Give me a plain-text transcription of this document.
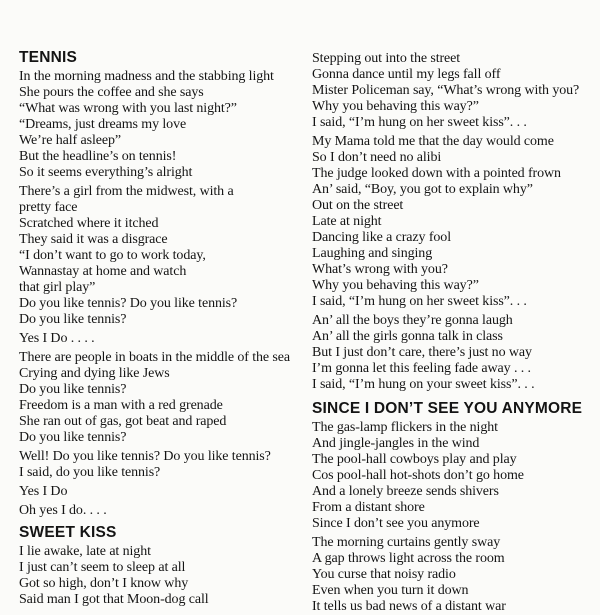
TENNIS
In the morning madness and the stabbing light
She pours the coffee and she says
“What was wrong with you last night?”
“Dreams, just dreams my love
We’re half asleep”
But the headline’s on tennis!
So it seems everything’s alright
There’s a girl from the midwest, with a
pretty face
Scratched where it itched
They said it was a disgrace
“I don’t want to go to work today,
Wannastay at home and watch
that girl play”
Do you like tennis? Do you like tennis?
Do you like tennis?
Yes I Do . . . .
There are people in boats in the middle of the sea
Crying and dying like Jews
Do you like tennis?
Freedom is a man with a red grenade
She ran out of gas, got beat and raped
Do you like tennis?
Well! Do you like tennis? Do you like tennis?
I said, do you like tennis?
Yes I Do
Oh yes I do. . . .
SWEET KISS
I lie awake, late at night
I just can’t seem to sleep at all
Got so high, don’t I know why
Said man I got that Moon-dog call
Stepping out into the street
Gonna dance until my legs fall off
Mister Policeman say, “What’s wrong with you?
Why you behaving this way?”
I said, “I’m hung on her sweet kiss”. . .
My Mama told me that the day would come
So I don’t need no alibi
The judge looked down with a pointed frown
An’ said, “Boy, you got to explain why”
Out on the street
Late at night
Dancing like a crazy fool
Laughing and singing
What’s wrong with you?
Why you behaving this way?”
I said, “I’m hung on her sweet kiss”. . .
An’ all the boys they’re gonna laugh
An’ all the girls gonna talk in class
But I just don’t care, there’s just no way
I’m gonna let this feeling fade away . . .
I said, “I’m hung on your sweet kiss”. . .
SINCE I DON’T SEE YOU ANYMORE
The gas-lamp flickers in the night
And jingle-jangles in the wind
The pool-hall cowboys play and play
Cos pool-hall hot-shots don’t go home
And a lonely breeze sends shivers
From a distant shore
Since I don’t see you anymore
The morning curtains gently sway
A gap throws light across the room
You curse that noisy radio
Even when you turn it down
It tells us bad news of a distant war
